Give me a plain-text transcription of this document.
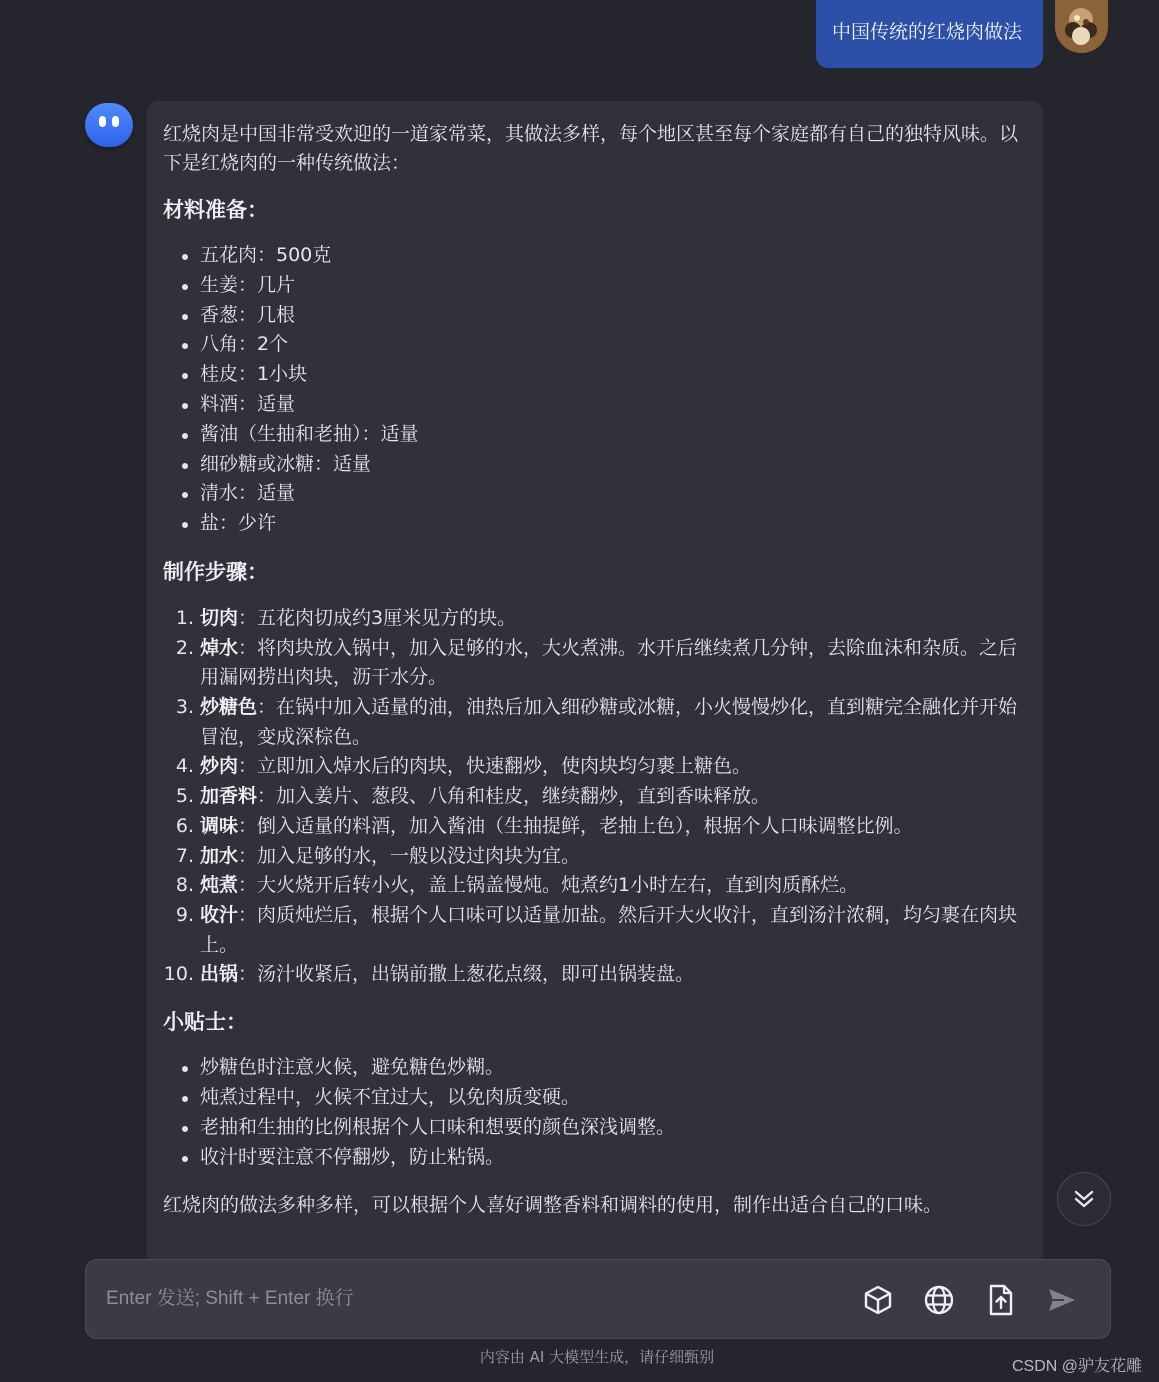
中国传统的红烧肉做法

红烧肉是中国非常受欢迎的一道家常菜，其做法多样，每个地区甚至每个家庭都有自己的独特风味。以下是红烧肉的一种传统做法：

材料准备：
五花肉：500克
生姜：几片
香葱：几根
八角：2个
桂皮：1小块
料酒：适量
酱油（生抽和老抽）：适量
细砂糖或冰糖：适量
清水：适量
盐：少许
制作步骤：
1. 切肉：五花肉切成约3厘米见方的块。
2. 焯水：将肉块放入锅中，加入足够的水，大火煮沸。水开后继续煮几分钟，去除血沫和杂质。之后用漏网捞出肉块，沥干水分。
3. 炒糖色：在锅中加入适量的油，油热后加入细砂糖或冰糖，小火慢慢炒化，直到糖完全融化并开始冒泡，变成深棕色。
4. 炒肉：立即加入焯水后的肉块，快速翻炒，使肉块均匀裹上糖色。
5. 加香料：加入姜片、葱段、八角和桂皮，继续翻炒，直到香味释放。
6. 调味：倒入适量的料酒，加入酱油（生抽提鲜，老抽上色），根据个人口味调整比例。
7. 加水：加入足够的水，一般以没过肉块为宜。
8. 炖煮：大火烧开后转小火，盖上锅盖慢炖。炖煮约1小时左右，直到肉质酥烂。
9. 收汁：肉质炖烂后，根据个人口味可以适量加盐。然后开大火收汁，直到汤汁浓稠，均匀裹在肉块上。
10. 出锅：汤汁收紧后，出锅前撒上葱花点缀，即可出锅装盘。
小贴士：
炒糖色时注意火候，避免糖色炒糊。
炖煮过程中，火候不宜过大，以免肉质变硬。
老抽和生抽的比例根据个人口味和想要的颜色深浅调整。
收汁时要注意不停翻炒，防止粘锅。

红烧肉的做法多种多样，可以根据个人喜好调整香料和调料的使用，制作出适合自己的口味。

Enter 发送; Shift + Enter 换行
内容由 AI 大模型生成，请仔细甄别
CSDN @驴友花雕
